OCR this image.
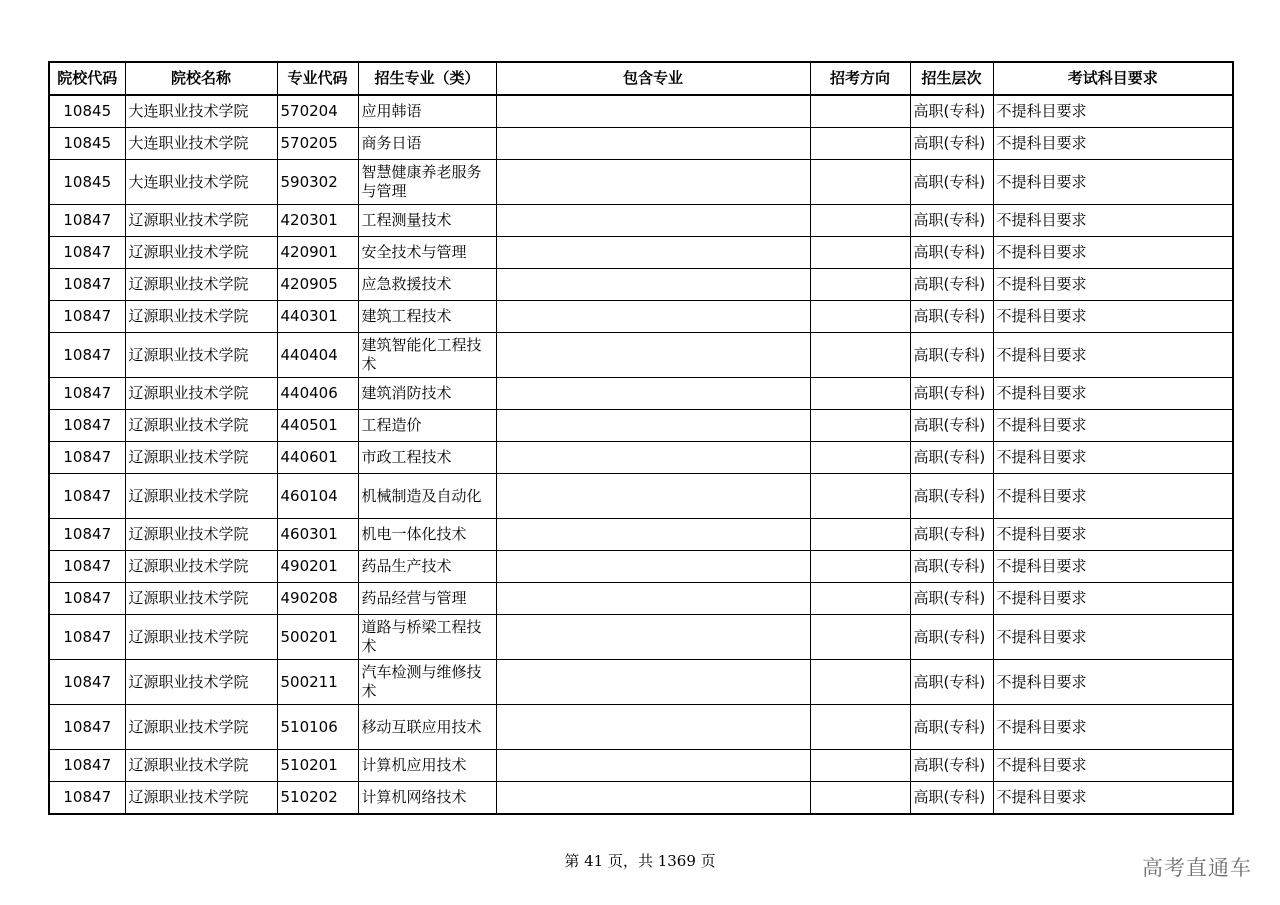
院校代码	院校名称	专业代码	招生专业（类）	包含专业	招考方向	招生层次	考试科目要求
10845	大连职业技术学院	570204	应用韩语			高职(专科)	不提科目要求
10845	大连职业技术学院	570205	商务日语			高职(专科)	不提科目要求
10845	大连职业技术学院	590302	智慧健康养老服务与管理			高职(专科)	不提科目要求
10847	辽源职业技术学院	420301	工程测量技术			高职(专科)	不提科目要求
10847	辽源职业技术学院	420901	安全技术与管理			高职(专科)	不提科目要求
10847	辽源职业技术学院	420905	应急救援技术			高职(专科)	不提科目要求
10847	辽源职业技术学院	440301	建筑工程技术			高职(专科)	不提科目要求
10847	辽源职业技术学院	440404	建筑智能化工程技术			高职(专科)	不提科目要求
10847	辽源职业技术学院	440406	建筑消防技术			高职(专科)	不提科目要求
10847	辽源职业技术学院	440501	工程造价			高职(专科)	不提科目要求
10847	辽源职业技术学院	440601	市政工程技术			高职(专科)	不提科目要求
10847	辽源职业技术学院	460104	机械制造及自动化			高职(专科)	不提科目要求
10847	辽源职业技术学院	460301	机电一体化技术			高职(专科)	不提科目要求
10847	辽源职业技术学院	490201	药品生产技术			高职(专科)	不提科目要求
10847	辽源职业技术学院	490208	药品经营与管理			高职(专科)	不提科目要求
10847	辽源职业技术学院	500201	道路与桥梁工程技术			高职(专科)	不提科目要求
10847	辽源职业技术学院	500211	汽车检测与维修技术			高职(专科)	不提科目要求
10847	辽源职业技术学院	510106	移动互联应用技术			高职(专科)	不提科目要求
10847	辽源职业技术学院	510201	计算机应用技术			高职(专科)	不提科目要求
10847	辽源职业技术学院	510202	计算机网络技术			高职(专科)	不提科目要求
第 41 页，共 1369 页	高考直通车
